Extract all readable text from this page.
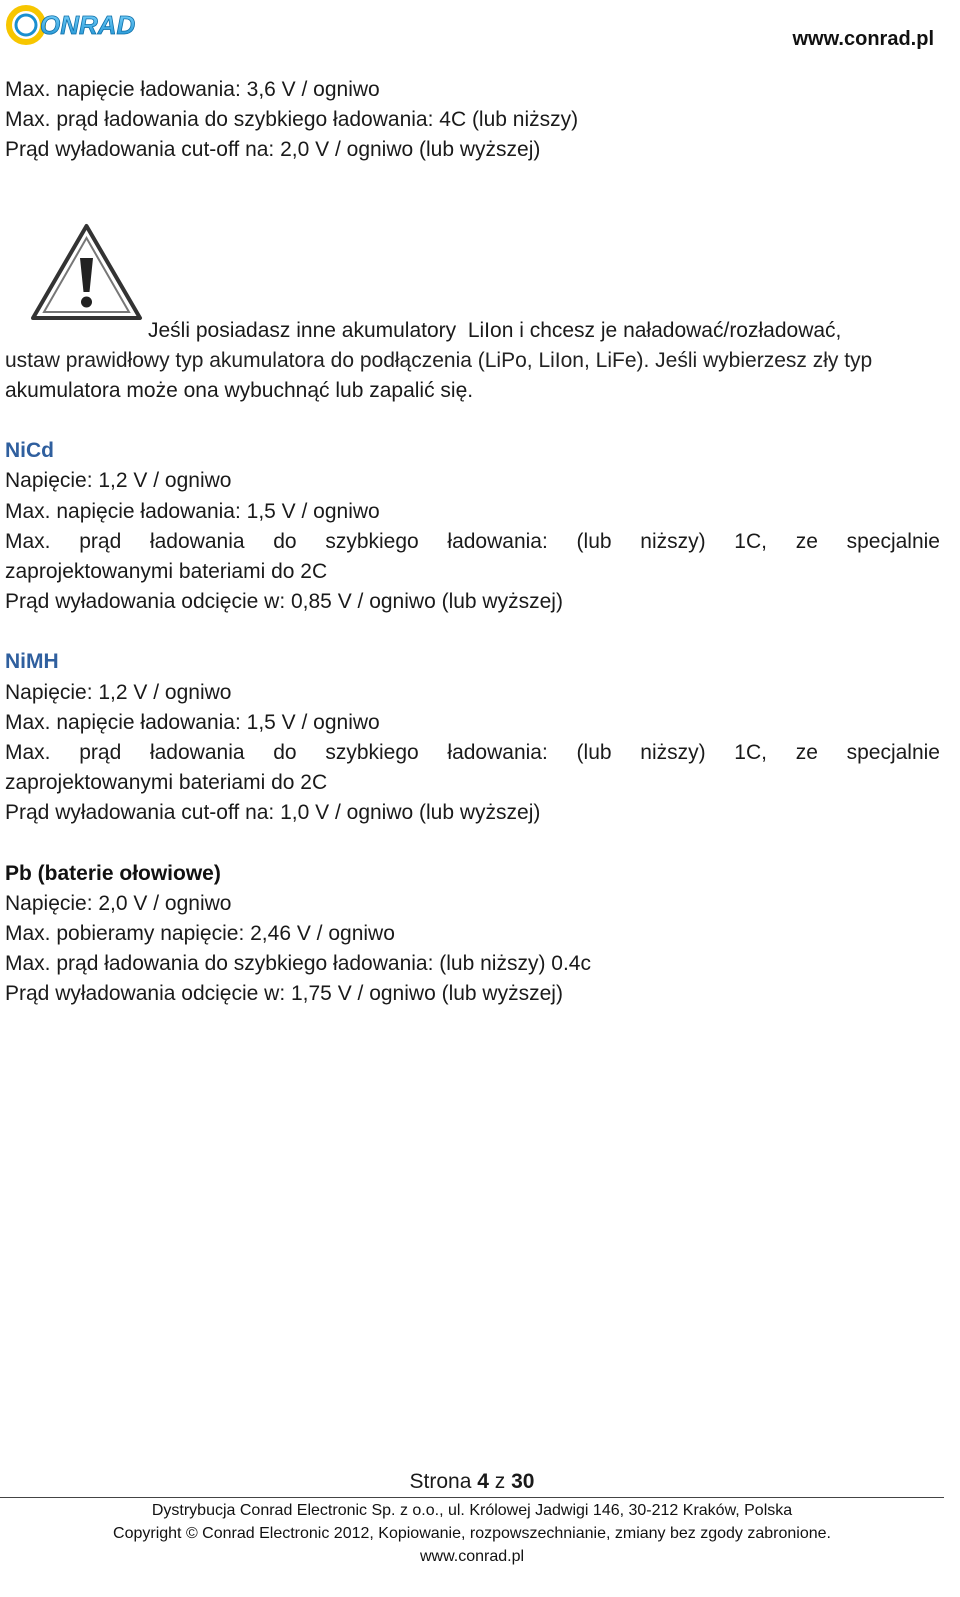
ONRAD	www.conrad.pl
Max. napięcie ładowania: 3,6 V / ogniwo
Max. prąd ładowania do szybkiego ładowania: 4C (lub niższy)
Prąd wyładowania cut-off na: 2,0 V / ogniwo (lub wyższej)
Jeśli posiadasz inne akumulatory  LiIon i chcesz je naładować/rozładować,
ustaw prawidłowy typ akumulatora do podłączenia (LiPo, LiIon, LiFe). Jeśli wybierzesz zły typ
akumulatora może ona wybuchnąć lub zapalić się.
NiCd
Napięcie: 1,2 V / ogniwo
Max. napięcie ładowania: 1,5 V / ogniwo
Max. prąd ładowania do szybkiego ładowania: (lub niższy) 1C, ze specjalnie
zaprojektowanymi bateriami do 2C
Prąd wyładowania odcięcie w: 0,85 V / ogniwo (lub wyższej)
NiMH
Napięcie: 1,2 V / ogniwo
Max. napięcie ładowania: 1,5 V / ogniwo
Max. prąd ładowania do szybkiego ładowania: (lub niższy) 1C, ze specjalnie
zaprojektowanymi bateriami do 2C
Prąd wyładowania cut-off na: 1,0 V / ogniwo (lub wyższej)
Pb (baterie ołowiowe)
Napięcie: 2,0 V / ogniwo
Max. pobieramy napięcie: 2,46 V / ogniwo
Max. prąd ładowania do szybkiego ładowania: (lub niższy) 0.4c
Prąd wyładowania odcięcie w: 1,75 V / ogniwo (lub wyższej)
Strona 4 z 30
Dystrybucja Conrad Electronic Sp. z o.o., ul. Królowej Jadwigi 146, 30-212 Kraków, Polska
Copyright © Conrad Electronic 2012, Kopiowanie, rozpowszechnianie, zmiany bez zgody zabronione.
www.conrad.pl
